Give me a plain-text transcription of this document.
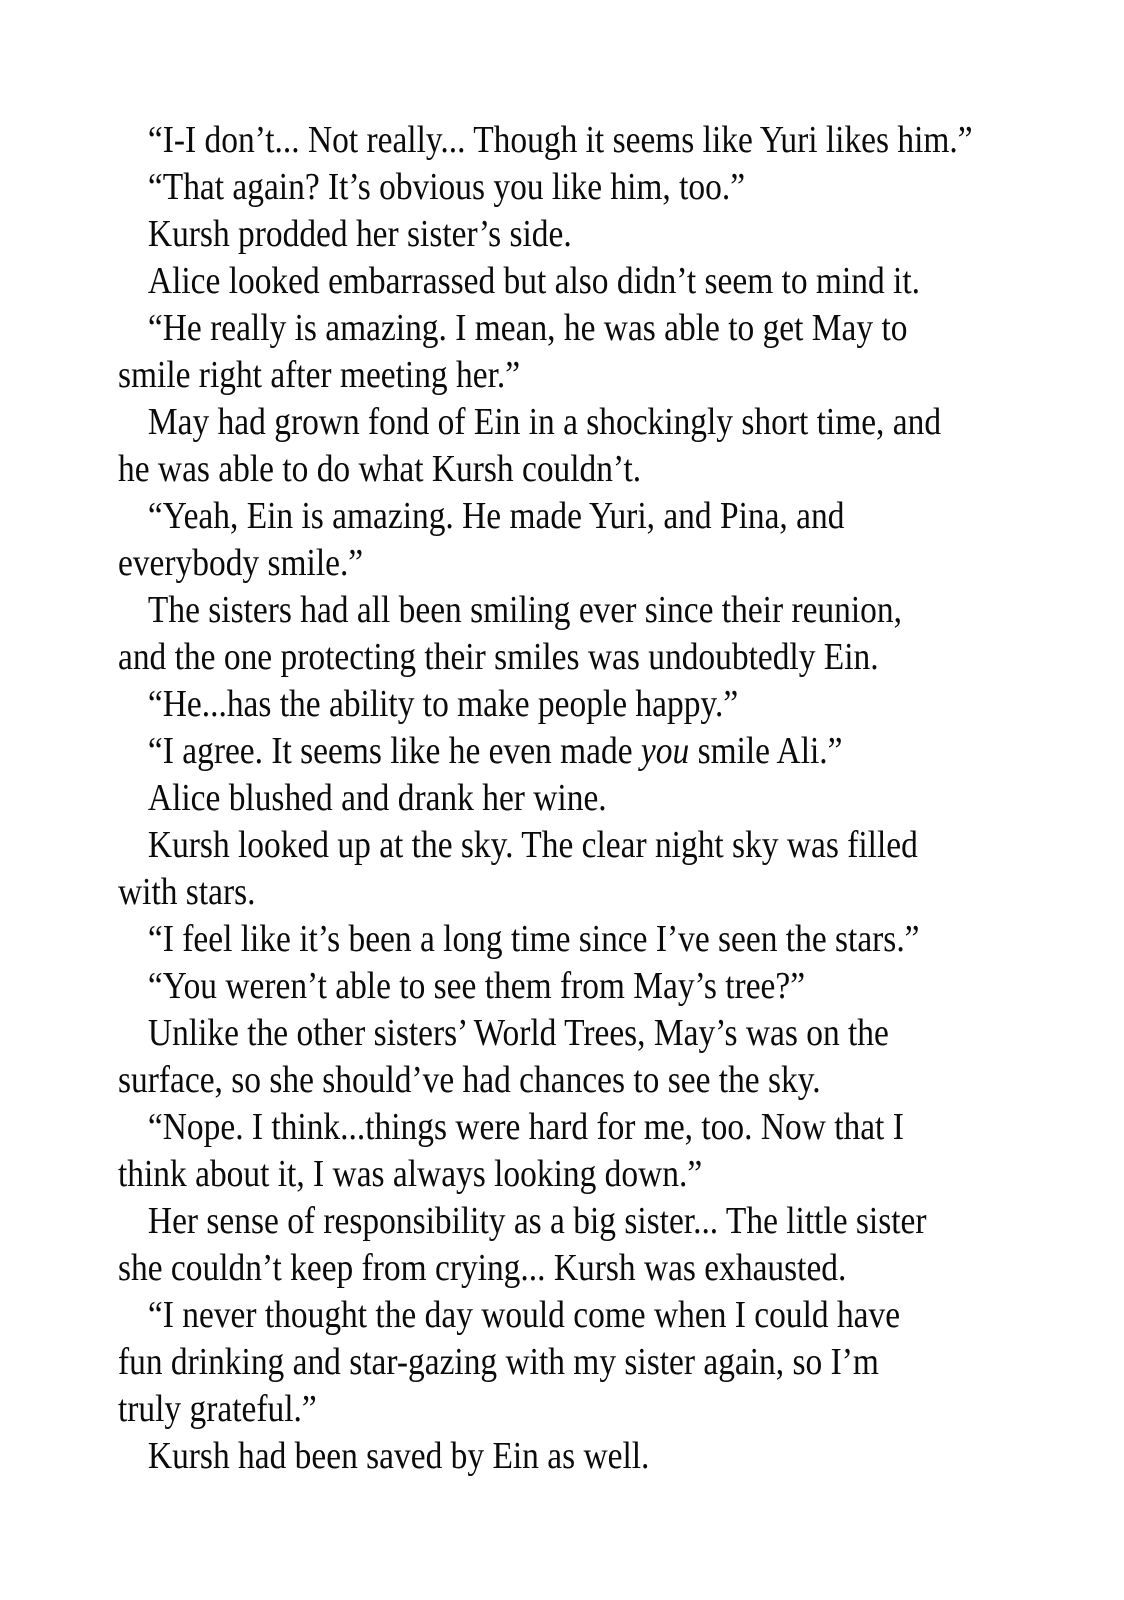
“I-I don’t... Not really... Though it seems like Yuri likes him.”

“That again? It’s obvious you like him, too.”

Kursh prodded her sister’s side.

Alice looked embarrassed but also didn’t seem to mind it.

“He really is amazing. I mean, he was able to get May to
smile right after meeting her.”

May had grown fond of Ein in a shockingly short time, and
he was able to do what Kursh couldn’t.

“Yeah, Ein is amazing. He made Yuri, and Pina, and
everybody smile.”

The sisters had all been smiling ever since their reunion,
and the one protecting their smiles was undoubtedly Ein.

“He...has the ability to make people happy.”

“I agree. It seems like he even made you smile Ali.”

Alice blushed and drank her wine.

Kursh looked up at the sky. The clear night sky was filled
with stars.

“I feel like it’s been a long time since I’ve seen the stars.”

“You weren’t able to see them from May’s tree?”

Unlike the other sisters’ World Trees, May’s was on the
surface, so she should’ve had chances to see the sky.

“Nope. I think...things were hard for me, too. Now that I
think about it, I was always looking down.”

Her sense of responsibility as a big sister... The little sister
she couldn’t keep from crying... Kursh was exhausted.

“I never thought the day would come when I could have
fun drinking and star-gazing with my sister again, so I’m
truly grateful.”

Kursh had been saved by Ein as well.
